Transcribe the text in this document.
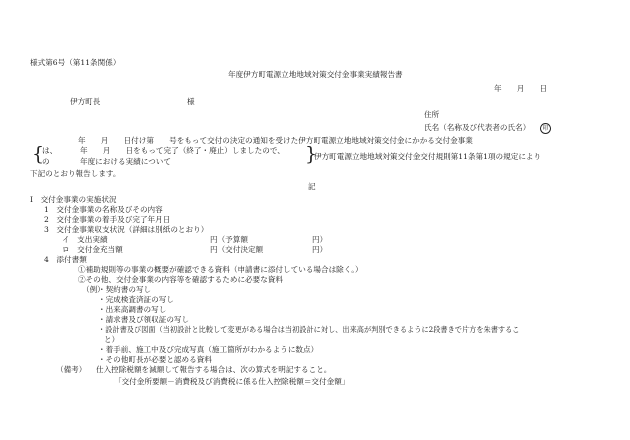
様式第6号（第11条関係）
年度伊方町電源立地地域対策交付金事業実績報告書
年　　月　　日
伊方町長	様
住所
氏名（名称及び代表者の氏名）	印
年　　月　　日付け第　　号をもって交付の決定の通知を受けた伊方町電源立地地域対策交付金にかかる交付金事業
{
は、
の
年　　月　　日をもって完了（終了・廃止）しましたので、
年度における実績について	}
伊方町電源立地地域対策交付金交付規則第11条第1項の規定により
下記のとおり報告します。
記
Ⅰ　交付金事業の実施状況
1　交付金事業の名称及びその内容
2　交付金事業の着手及び完了年月日
3　交付金事業収支状況（詳細は別紙のとおり）
イ　支出実績	円（予算額	円）
ロ　交付金充当額	円（交付決定額	円）
4　添付書類
①補助規則等の事業の概要が確認できる資料（申請書に添付している場合は除く。）
②その他、交付金事業の内容等を確認するために必要な資料
（例）
・契約書の写し
・完成検査済証の写し
・出来高調書の写し
・請求書及び領収証の写し
・設計書及び図面（当初設計と比較して変更がある場合は当初設計に対し、出来高が判別できるように2段書きで片方を朱書するこ
と）
・着手前、施工中及び完成写真（施工箇所がわかるように数点）
・その他町長が必要と認める資料
（備考） 仕入控除税額を減額して報告する場合は、次の算式を明記すること。
「交付金所要額－消費税及び消費税に係る仕入控除税額＝交付金額」
